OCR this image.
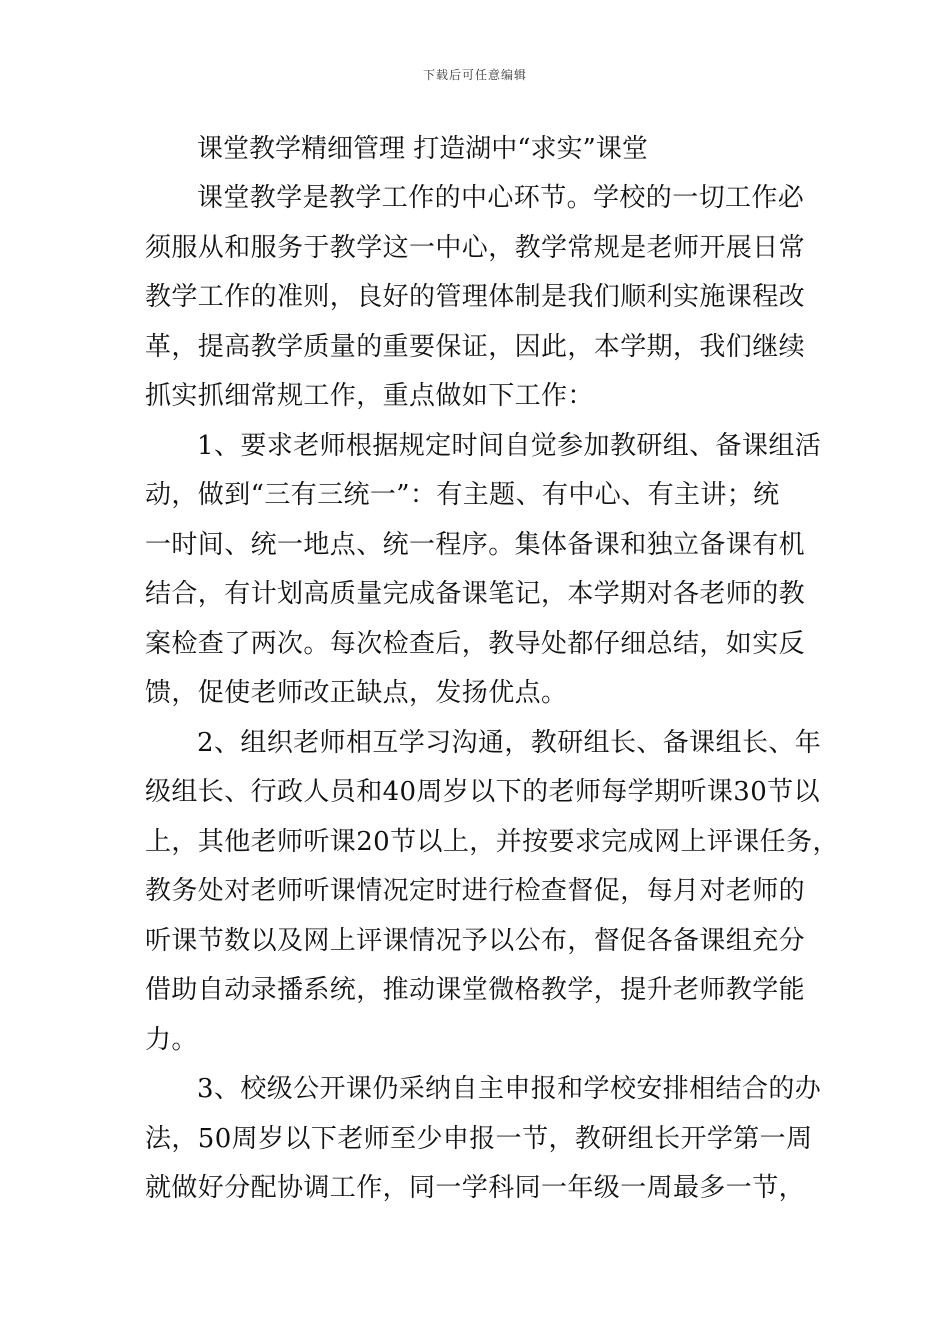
下载后可任意编辑

课堂教学精细管理 打造湖中“求实”课堂

课堂教学是教学工作的中心环节。学校的一切工作必

须服从和服务于教学这一中心，教学常规是老师开展日常

教学工作的准则，良好的管理体制是我们顺利实施课程改

革，提高教学质量的重要保证，因此，本学期，我们继续

抓实抓细常规工作，重点做如下工作：

1、要求老师根据规定时间自觉参加教研组、备课组活

动，做到“三有三统一”：有主题、有中心、有主讲；统

一时间、统一地点、统一程序。集体备课和独立备课有机

结合，有计划高质量完成备课笔记，本学期对各老师的教

案检查了两次。每次检查后，教导处都仔细总结，如实反

馈，促使老师改正缺点，发扬优点。

2、组织老师相互学习沟通，教研组长、备课组长、年

级组长、行政人员和40周岁以下的老师每学期听课30节以

上，其他老师听课20节以上，并按要求完成网上评课任务，

教务处对老师听课情况定时进行检查督促，每月对老师的

听课节数以及网上评课情况予以公布，督促各备课组充分

借助自动录播系统，推动课堂微格教学，提升老师教学能

力。

3、校级公开课仍采纳自主申报和学校安排相结合的办

法，50周岁以下老师至少申报一节，教研组长开学第一周

就做好分配协调工作，同一学科同一年级一周最多一节，
